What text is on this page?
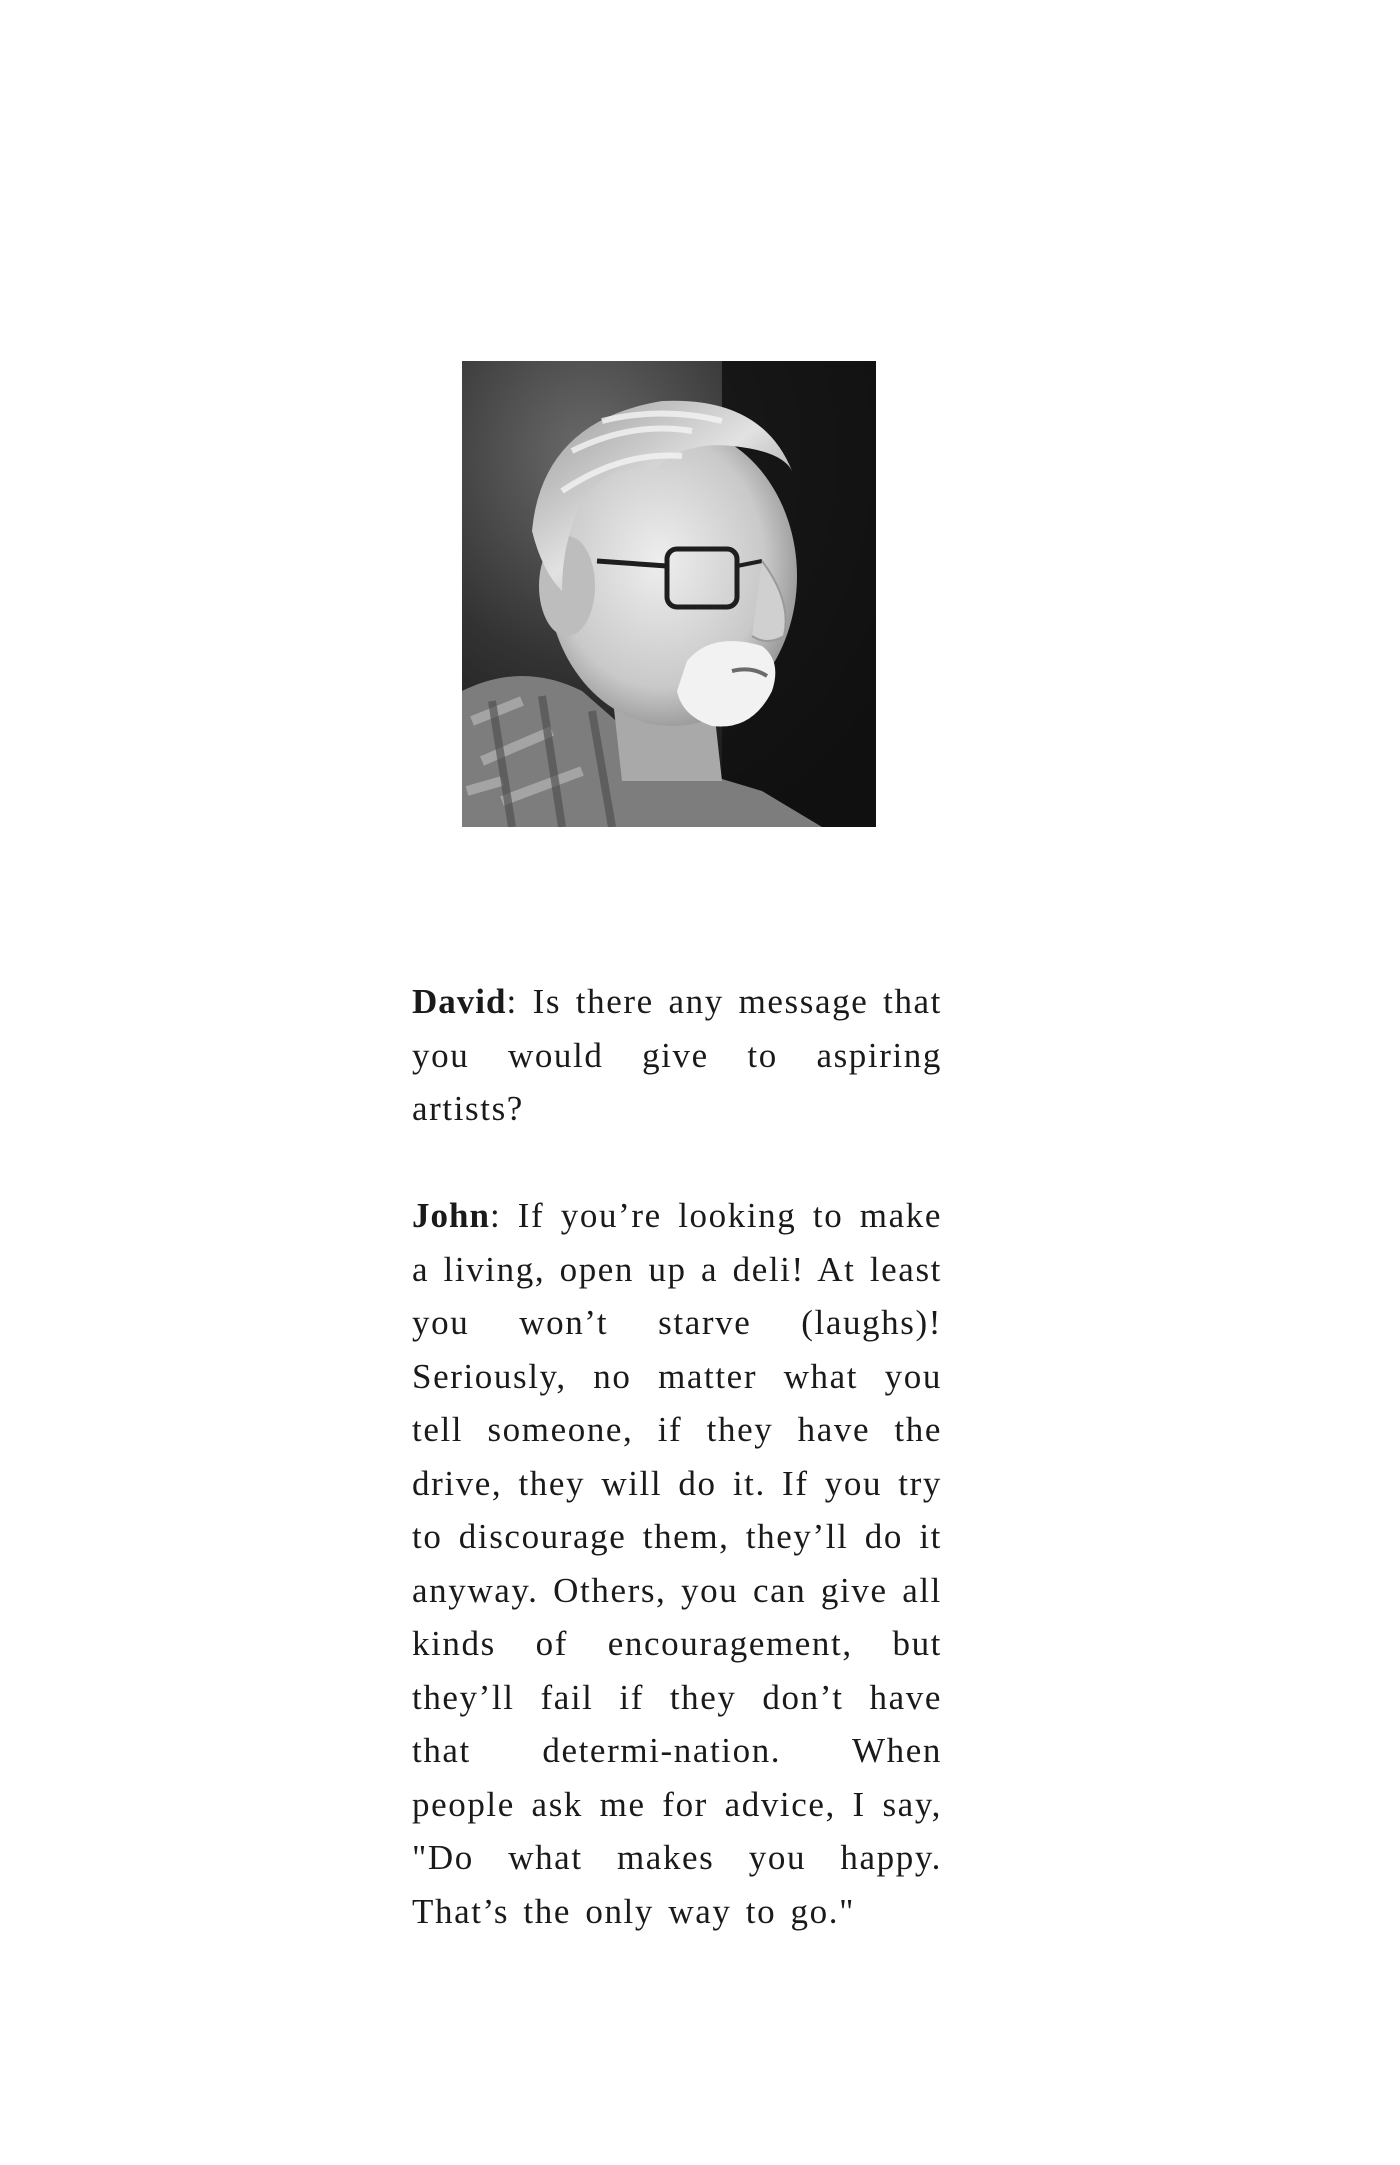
David: Is there any message that you would give to aspiring artists?

John: If you’re looking to make a living, open up a deli! At least you won’t starve (laughs)! Seriously, no matter what you tell someone, if they have the drive, they will do it. If you try to discourage them, they’ll do it anyway. Others, you can give all kinds of encouragement, but they’ll fail if they don’t have that determi-nation. When people ask me for advice, I say, "Do what makes you happy. That’s the only way to go."
